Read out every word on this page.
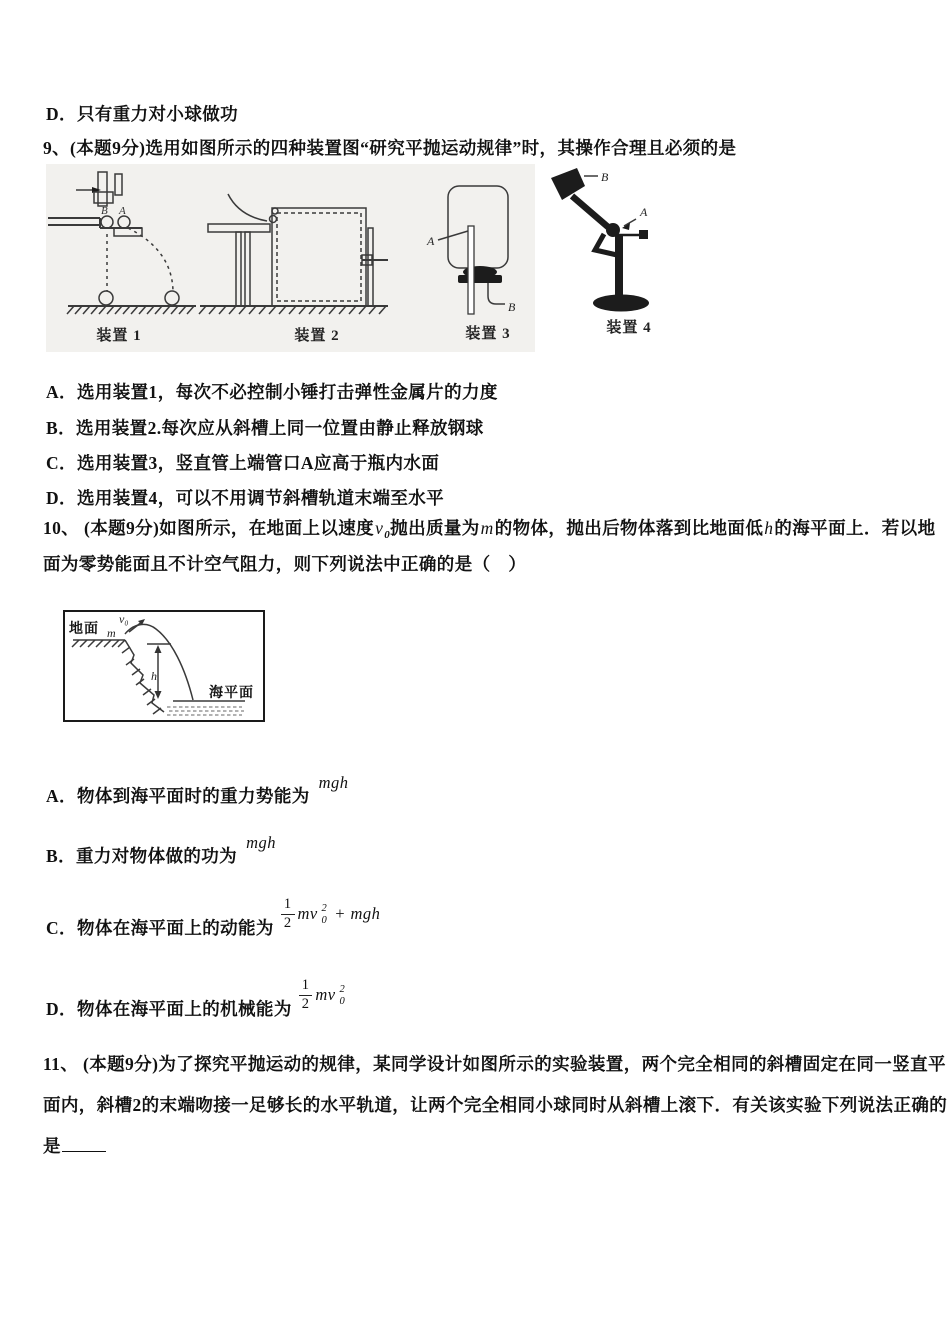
D．只有重力对小球做功
9、(本题9分)选用如图所示的四种装置图“研究平抛运动规律”时，其操作合理且必须的是
B A
装置 1	装置 2
A
B
装置 3
B
A
装置 4
A．选用装置1，每次不必控制小锤打击弹性金属片的力度
B．选用装置2.每次应从斜槽上同一位置由静止释放钢球
C．选用装置3，竖直管上端管口A应高于瓶内水面
D．选用装置4，可以不用调节斜槽轨道末端至水平
10、 (本题9分)如图所示，在地面上以速度$v_0$抛出质量为m的物体，抛出后物体落到比地面低h的海平面上．若以地
面为零势能面且不计空气阻力，则下列说法中正确的是（　）
地面 m
v₀
h
海平面
A．物体到海平面时的重力势能为
mgh
B．重力对物体做的功为
mgh
C．物体在海平面上的动能为 $\frac{1}{2}$ mv 2
0 + mgh
D．物体在海平面上的机械能为 $\frac{1}{2}$ mv 2
0
11、 (本题9分)为了探究平抛运动的规律，某同学设计如图所示的实验装置，两个完全相同的斜槽固定在同一竖直平
面内，斜槽2的末端吻接一足够长的水平轨道，让两个完全相同小球同时从斜槽上滚下．有关该实验下列说法正确的
是
